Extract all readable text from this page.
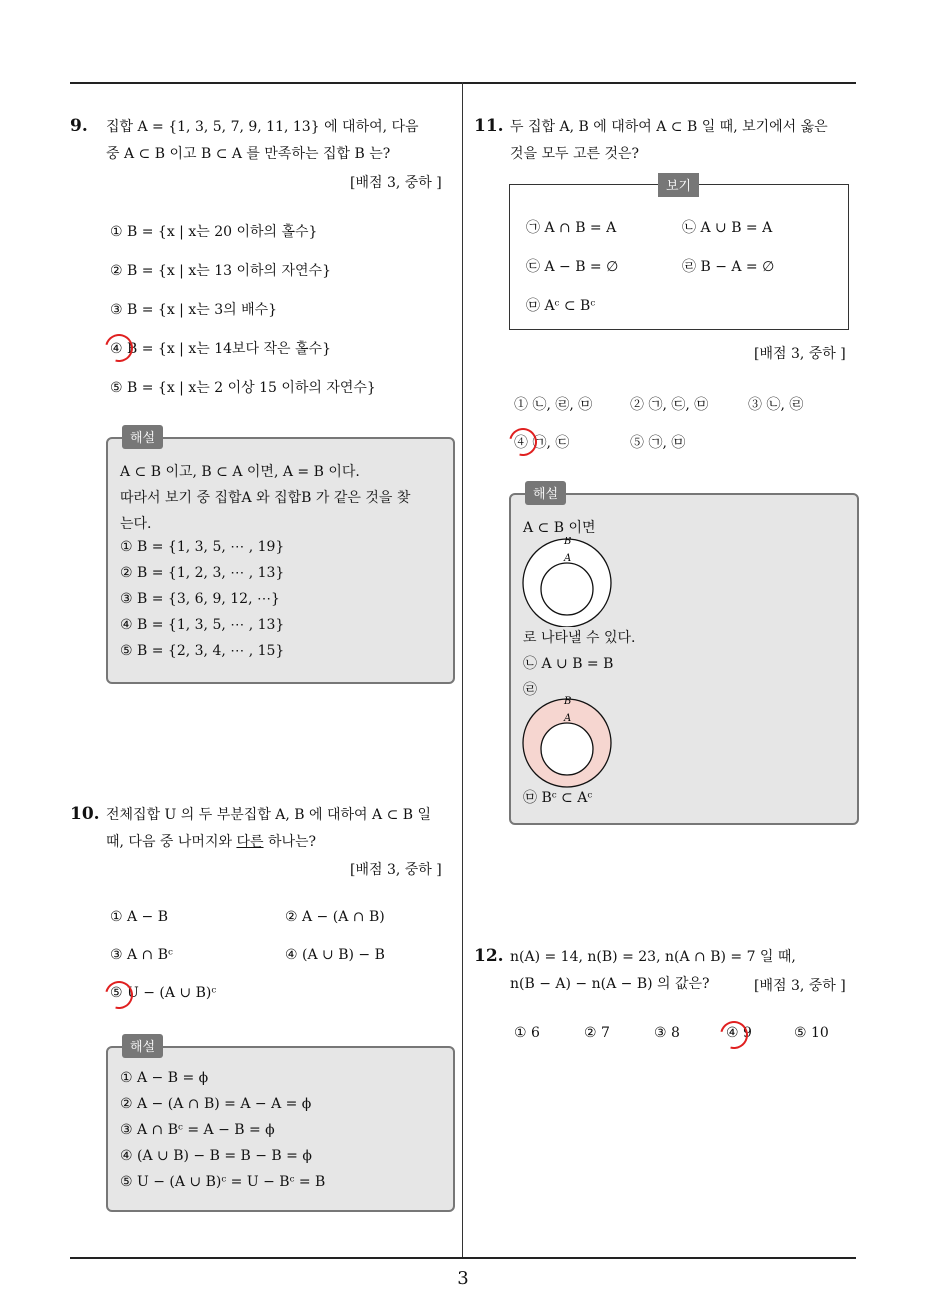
9. 집합 A = {1, 3, 5, 7, 9, 11, 13} 에 대하여, 다음
중 A ⊂ B 이고 B ⊂ A 를 만족하는 집합 B 는?
[배점 3, 중하 ]
① B = {x | x는 20 이하의 홀수}
② B = {x | x는 13 이하의 자연수}
③ B = {x | x는 3의 배수}
④ B = {x | x는 14보다 작은 홀수}
⑤ B = {x | x는 2 이상 15 이하의 자연수}
해설
A ⊂ B 이고, B ⊂ A 이면, A = B 이다.
따라서 보기 중 집합A 와 집합B 가 같은 것을 찾
는다.
① B = {1, 3, 5, ⋯ , 19}
② B = {1, 2, 3, ⋯ , 13}
③ B = {3, 6, 9, 12, ⋯}
④ B = {1, 3, 5, ⋯ , 13}
⑤ B = {2, 3, 4, ⋯ , 15}
10. 전체집합 U 의 두 부분집합 A, B 에 대하여 A ⊂ B 일
때, 다음 중 나머지와 다른 하나는?
[배점 3, 중하 ]
① A − B	② A − (A ∩ B)
③ A ∩ Bᶜ	④ (A ∪ B) − B
⑤ U − (A ∪ B)ᶜ
해설
① A − B = ϕ
② A − (A ∩ B) = A − A = ϕ
③ A ∩ Bᶜ = A − B = ϕ
④ (A ∪ B) − B = B − B = ϕ
⑤ U − (A ∪ B)ᶜ = U − Bᶜ = B
11. 두 집합 A, B 에 대하여 A ⊂ B 일 때, 보기에서 옳은
것을 모두 고른 것은?
보기
㉠ A ∩ B = A	㉡ A ∪ B = A
㉢ A − B = ∅	㉣ B − A = ∅
㉤ Aᶜ ⊂ Bᶜ
[배점 3, 중하 ]
① ㉡, ㉣, ㉤	② ㉠, ㉢, ㉤	③ ㉡, ㉣
④ ㉠, ㉢	⑤ ㉠, ㉤
해설
A ⊂ B 이면
B
A
로 나타낼 수 있다.
㉡ A ∪ B = B
㉣
B
A
㉤ Bᶜ ⊂ Aᶜ
12. n(A) = 14, n(B) = 23, n(A ∩ B) = 7 일 때,
n(B − A) − n(A − B) 의 값은?	[배점 3, 중하 ]
① 6	② 7	③ 8	④ 9	⑤ 10
3
